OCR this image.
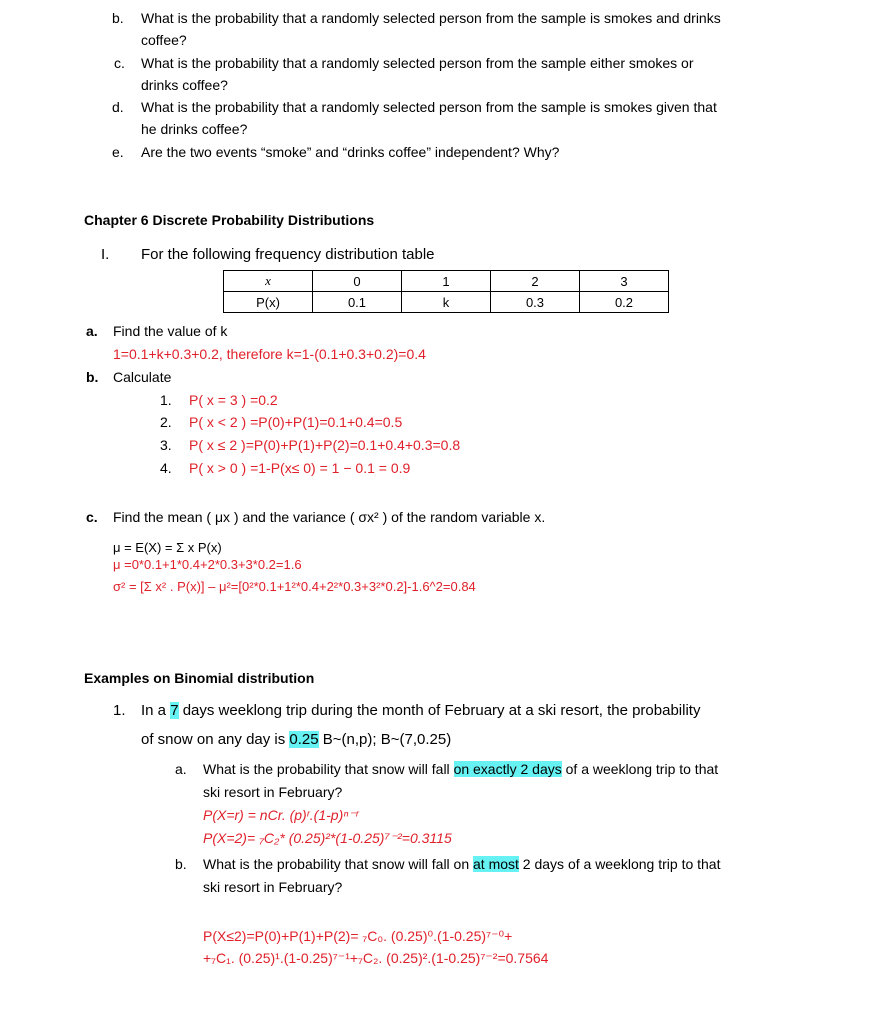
b. What is the probability that a randomly selected person from the sample is smokes and drinks
coffee?
c. What is the probability that a randomly selected person from the sample either smokes or
drinks coffee?
d. What is the probability that a randomly selected person from the sample is smokes given that
he drinks coffee?
e. Are the two events “smoke” and “drinks coffee” independent? Why?
Chapter 6 Discrete Probability Distributions
I. For the following frequency distribution table
x	0	1	2	3
P(x)	0.1	k	0.3	0.2
a. Find the value of k
1=0.1+k+0.3+0.2, therefore k=1-(0.1+0.3+0.2)=0.4
b. Calculate
1. P( x = 3 ) =0.2
2. P( x < 2 ) =P(0)+P(1)=0.1+0.4=0.5
3. P( x ≤ 2 )=P(0)+P(1)+P(2)=0.1+0.4+0.3=0.8
4. P( x > 0 ) =1-P(x≤ 0) = 1 − 0.1 = 0.9
c. Find the mean ( μx ) and the variance ( σx² ) of the random variable x.
μ = E(X) = Σ x P(x)
μ =0*0.1+1*0.4+2*0.3+3*0.2=1.6
σ² = [Σ x² . P(x)] – μ²=[0²*0.1+1²*0.4+2²*0.3+3²*0.2]-1.6^2=0.84
Examples on Binomial distribution
1. In a 7 days weeklong trip during the month of February at a ski resort, the probability
of snow on any day is 0.25 B~(n,p); B~(7,0.25)
a. What is the probability that snow will fall on exactly 2 days of a weeklong trip to that
ski resort in February?
P(X=r) = nCr. (p)ʳ.(1-p)ⁿ⁻ʳ
P(X=2)= ₇C₂* (0.25)²*(1-0.25)⁷⁻²=0.3115
b. What is the probability that snow will fall on at most 2 days of a weeklong trip to that
ski resort in February?
P(X≤2)=P(0)+P(1)+P(2)= ₇C₀. (0.25)⁰.(1-0.25)⁷⁻⁰+
+₇C₁. (0.25)¹.(1-0.25)⁷⁻¹+₇C₂. (0.25)².(1-0.25)⁷⁻²=0.7564
